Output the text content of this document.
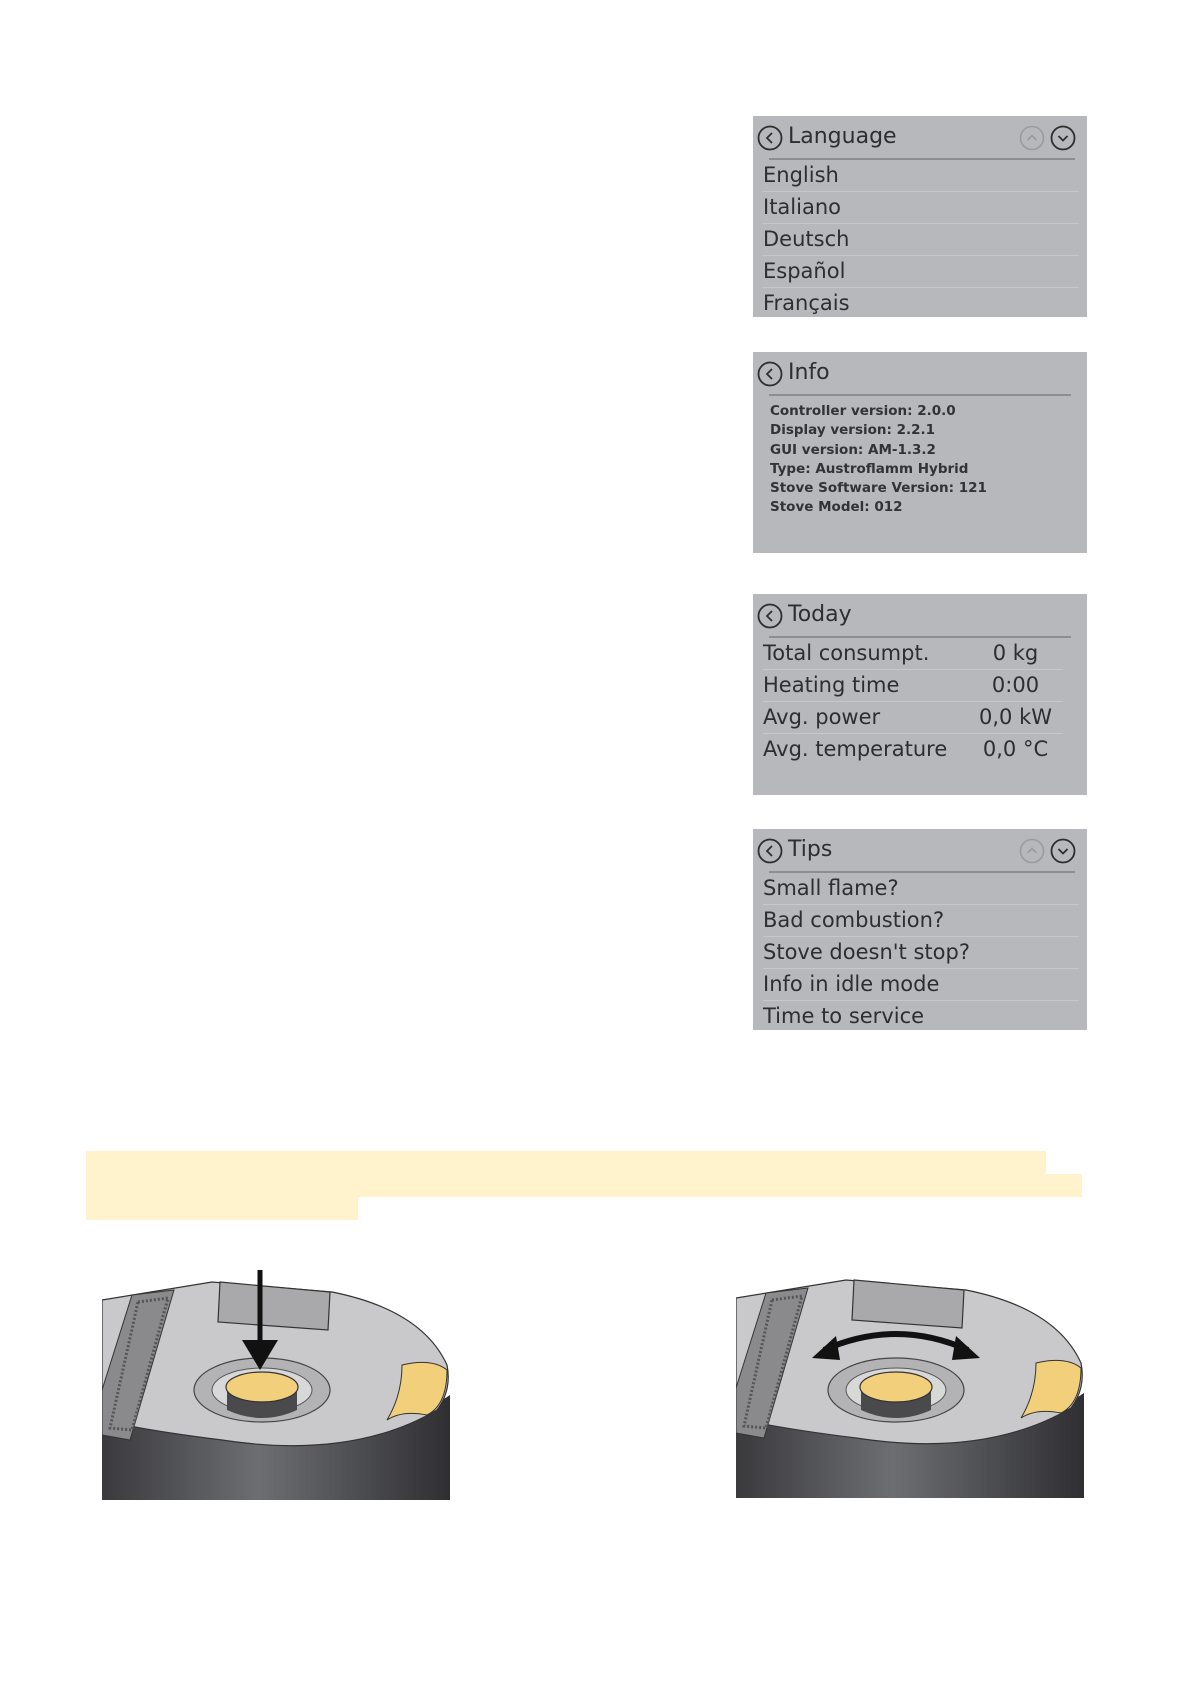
Language
English
Italiano
Deutsch
Español
Français
Info
Controller version: 2.0.0
Display version: 2.2.1
GUI version: AM-1.3.2
Type: Austroflamm Hybrid
Stove Software Version: 121
Stove Model: 012
Today
Total consumpt.	0 kg
Heating time	0:00
Avg. power	0,0 kW
Avg. temperature	0,0 °C
Tips
Small flame?
Bad combustion?
Stove doesn't stop?
Info in idle mode
Time to service
